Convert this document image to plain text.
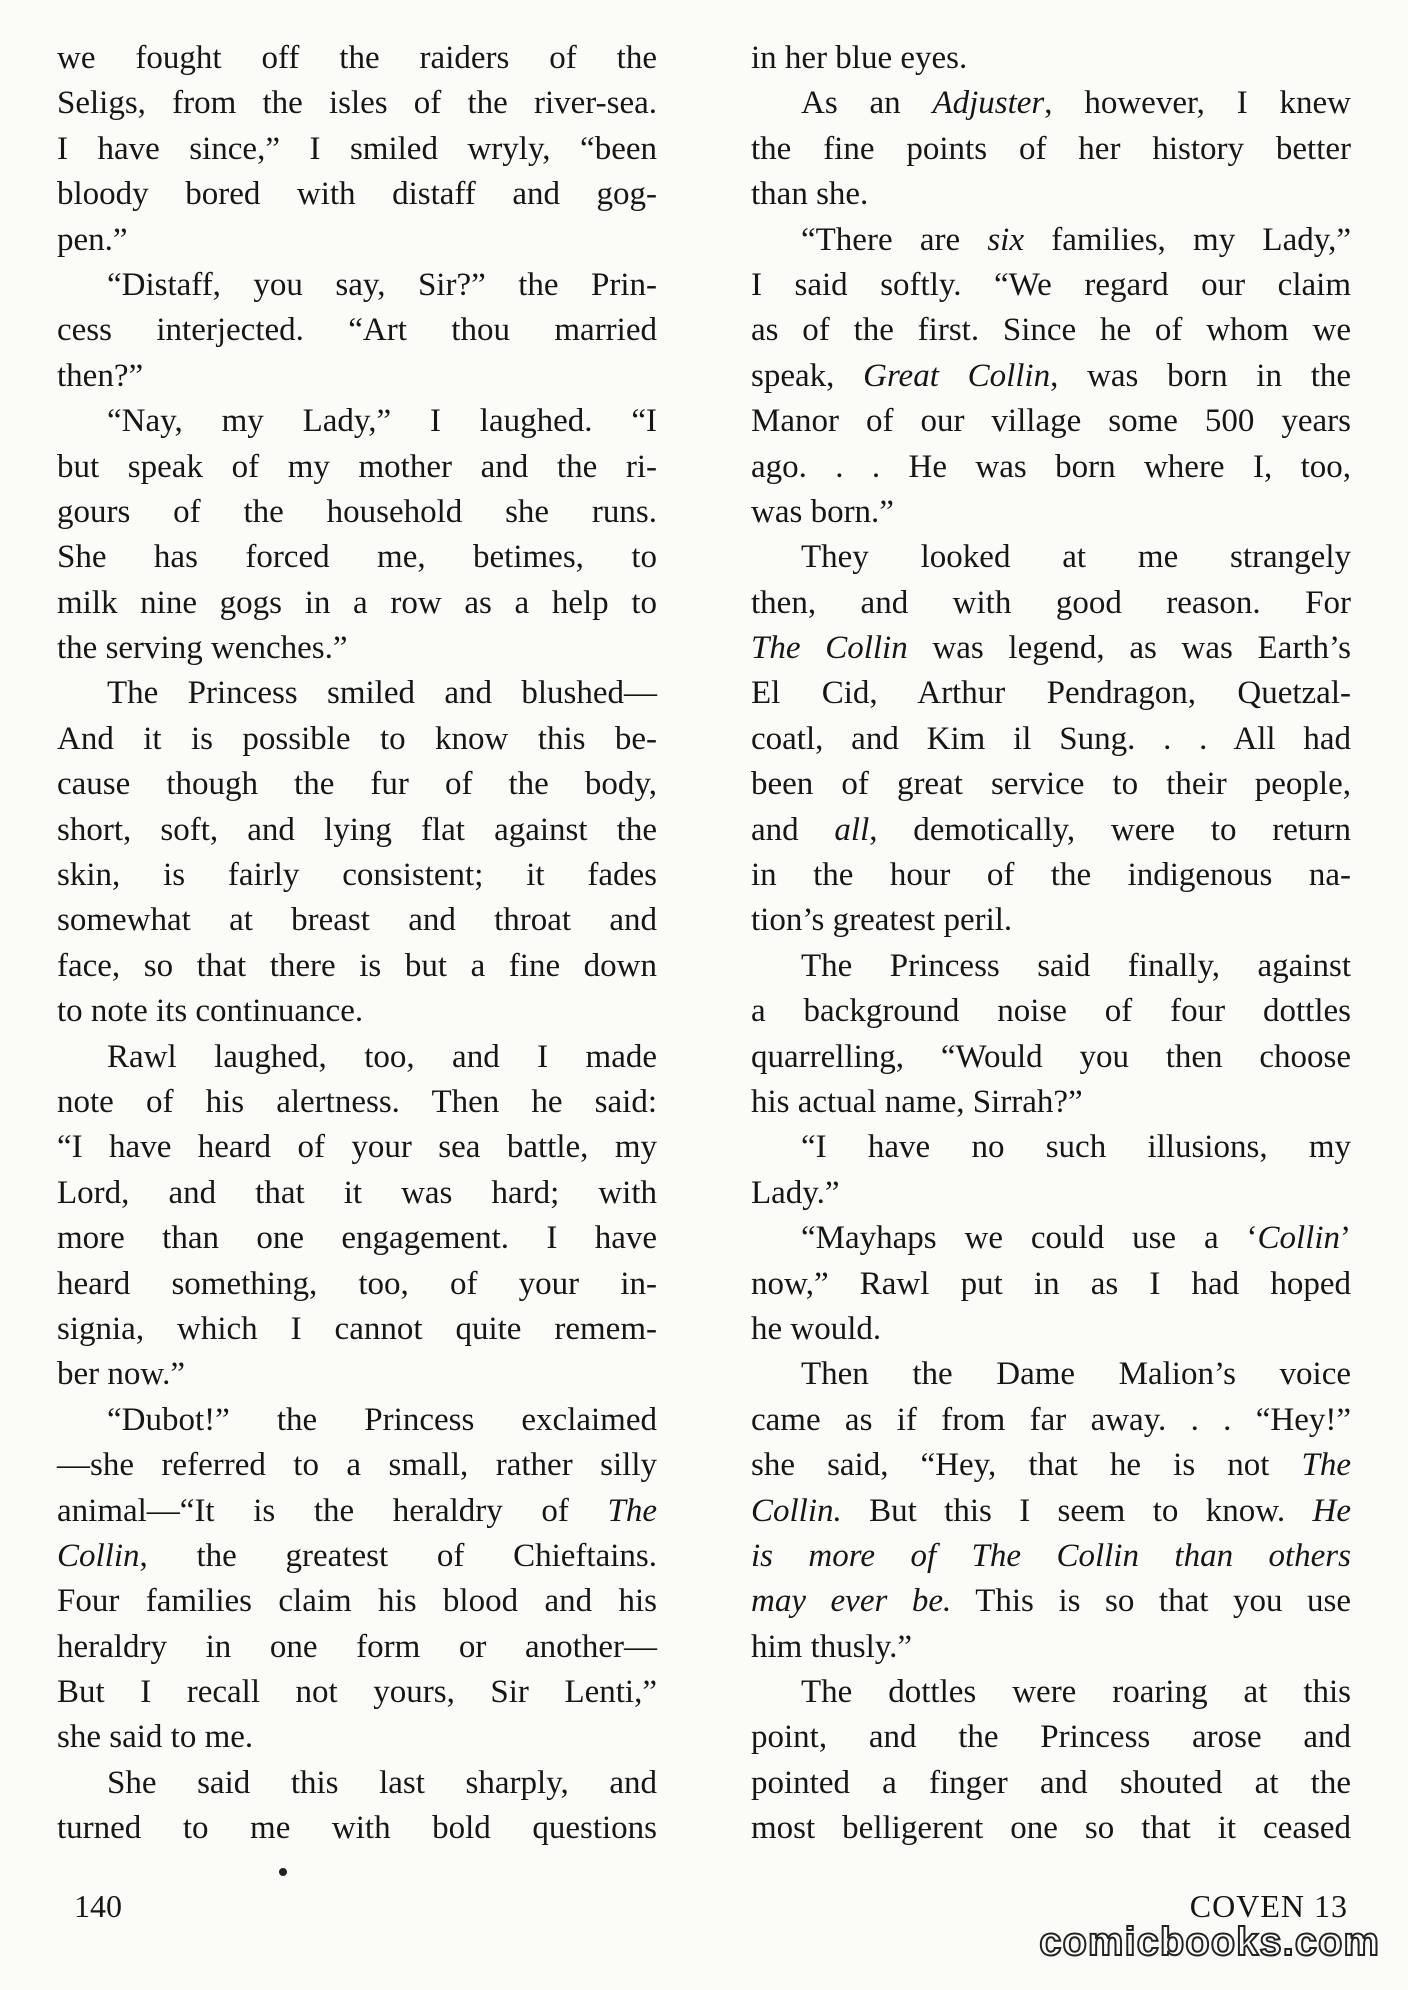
we fought off the raiders of the
Seligs, from the isles of the river-sea.
I have since,” I smiled wryly, “been
bloody bored with distaff and gog-
pen.”
“Distaff, you say, Sir?” the Prin-
cess interjected. “Art thou married
then?”
“Nay, my Lady,” I laughed. “I
but speak of my mother and the ri-
gours of the household she runs.
She has forced me, betimes, to
milk nine gogs in a row as a help to
the serving wenches.”
The Princess smiled and blushed—
And it is possible to know this be-
cause though the fur of the body,
short, soft, and lying flat against the
skin, is fairly consistent; it fades
somewhat at breast and throat and
face, so that there is but a fine down
to note its continuance.
Rawl laughed, too, and I made
note of his alertness. Then he said:
“I have heard of your sea battle, my
Lord, and that it was hard; with
more than one engagement. I have
heard something, too, of your in-
signia, which I cannot quite remem-
ber now.”
“Dubot!” the Princess exclaimed
—she referred to a small, rather silly
animal—“It is the heraldry of The
Collin, the greatest of Chieftains.
Four families claim his blood and his
heraldry in one form or another—
But I recall not yours, Sir Lenti,”
she said to me.
She said this last sharply, and
turned to me with bold questions
in her blue eyes.
As an Adjuster, however, I knew
the fine points of her history better
than she.
“There are six families, my Lady,”
I said softly. “We regard our claim
as of the first. Since he of whom we
speak, Great Collin, was born in the
Manor of our village some 500 years
ago. . . He was born where I, too,
was born.”
They looked at me strangely
then, and with good reason. For
The Collin was legend, as was Earth’s
El Cid, Arthur Pendragon, Quetzal-
coatl, and Kim il Sung. . . All had
been of great service to their people,
and all, demotically, were to return
in the hour of the indigenous na-
tion’s greatest peril.
The Princess said finally, against
a background noise of four dottles
quarrelling, “Would you then choose
his actual name, Sirrah?”
“I have no such illusions, my
Lady.”
“Mayhaps we could use a ‘Collin’
now,” Rawl put in as I had hoped
he would.
Then the Dame Malion’s voice
came as if from far away. . . “Hey!”
she said, “Hey, that he is not The
Collin. But this I seem to know. He
is more of The Collin than others
may ever be. This is so that you use
him thusly.”
The dottles were roaring at this
point, and the Princess arose and
pointed a finger and shouted at the
most belligerent one so that it ceased
140	COVEN 13
comicbooks.com
